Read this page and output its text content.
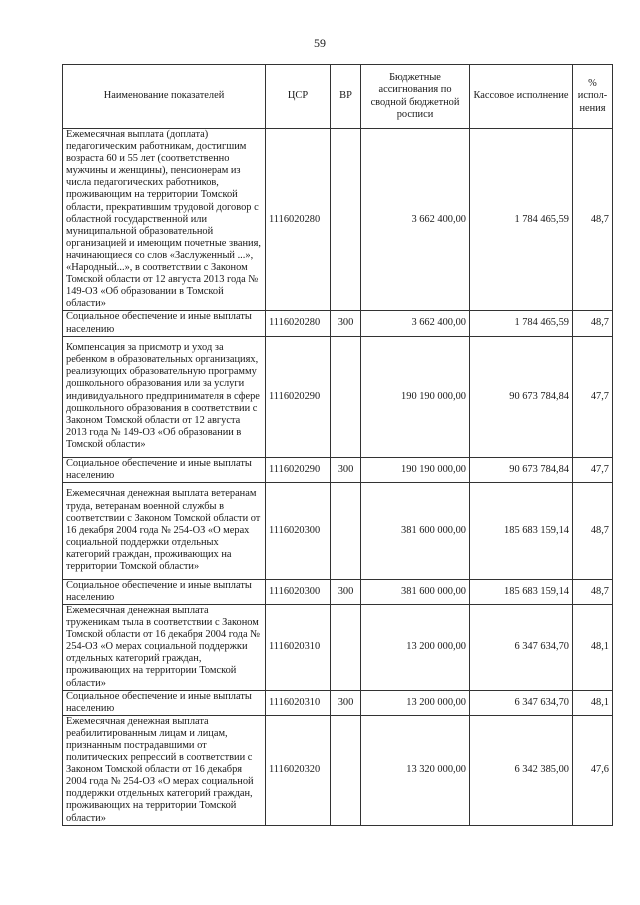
59
Наименование показателей	ЦСР	ВР	Бюджетные ассигнования по сводной бюджетной росписи	Кассовое исполнение	% испол-нения
Ежемесячная выплата (доплата) педагогическим работникам, достигшим возраста 60 и 55 лет (соответственно мужчины и женщины), пенсионерам из числа педагогических работников, проживающим на территории Томской области, прекратившим трудовой договор с областной государственной или муниципальной образовательной организацией и имеющим почетные звания, начинающиеся со слов «Заслуженный ...», «Народный...», в соответствии с Законом Томской области от 12 августа 2013 года № 149-ОЗ «Об образовании в Томской области»	1116020280		3 662 400,00	1 784 465,59	48,7
Социальное обеспечение и иные выплаты населению	1116020280	300	3 662 400,00	1 784 465,59	48,7
Компенсация за присмотр и уход за ребенком в образовательных организациях, реализующих образовательную программу дошкольного образования или за услуги индивидуального предпринимателя в сфере дошкольного образования в соответствии с Законом Томской области от 12 августа 2013 года № 149-ОЗ «Об образовании в Томской области»	1116020290		190 190 000,00	90 673 784,84	47,7
Социальное обеспечение и иные выплаты населению	1116020290	300	190 190 000,00	90 673 784,84	47,7
Ежемесячная денежная выплата ветеранам труда, ветеранам военной службы в соответствии с Законом Томской области от 16 декабря 2004 года № 254-ОЗ «О мерах социальной поддержки отдельных категорий граждан, проживающих на территории Томской области»	1116020300		381 600 000,00	185 683 159,14	48,7
Социальное обеспечение и иные выплаты населению	1116020300	300	381 600 000,00	185 683 159,14	48,7
Ежемесячная денежная выплата труженикам тыла в соответствии с Законом Томской области от 16 декабря 2004 года № 254-ОЗ «О мерах социальной поддержки отдельных категорий граждан, проживающих на территории Томской области»	1116020310		13 200 000,00	6 347 634,70	48,1
Социальное обеспечение и иные выплаты населению	1116020310	300	13 200 000,00	6 347 634,70	48,1
Ежемесячная денежная выплата реабилитированным лицам и лицам, признанным пострадавшими от политических репрессий в соответствии с Законом Томской области от 16 декабря 2004 года № 254-ОЗ «О мерах социальной поддержки отдельных категорий граждан, проживающих на территории Томской области»	1116020320		13 320 000,00	6 342 385,00	47,6
